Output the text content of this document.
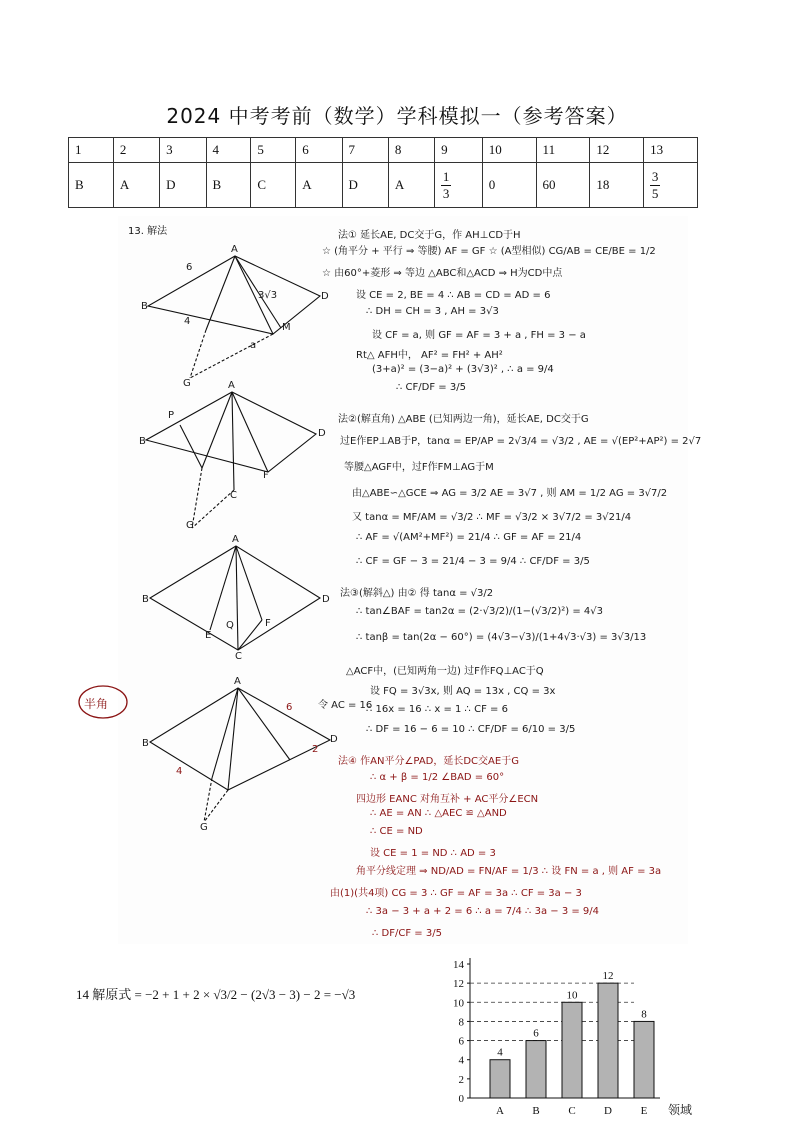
2024 中考考前（数学）学科模拟一（参考答案）
1	2	3	4	5	6	7	8	9	10	11	12	13
B	A	D	B	C	A	D	A	$\frac{1}{3}$	0	60	18	$\frac{3}{5}$
13. 解法
A
B
D
6
4
3√3
M
a
G	A
B
D
P
C
F
G
A
B	D
C
E
F
Q
半角
A
B	D
6
4
2
G
法① 延长AE, DC交于G，作 AH⊥CD于H
☆ (角平分 + 平行 ⇒ 等腰) AF = GF ☆ (A型相似) CG/AB = CE/BE = 1/2
☆ 由60°+菱形 ⇒ 等边 △ABC和△ACD ⇒ H为CD中点
设 CE = 2, BE = 4 ∴ AB = CD = AD = 6
∴ DH = CH = 3 , AH = 3√3
设 CF = a, 则 GF = AF = 3 + a , FH = 3 − a
Rt△ AFH中， AF² = FH² + AH²
(3+a)² = (3−a)² + (3√3)² , ∴ a = 9/4
∴ CF/DF = 3/5
法②(解直角) △ABE (已知两边一角)，延长AE, DC交于G
过E作EP⊥AB于P，tanα = EP/AP = 2√3/4 = √3/2 , AE = √(EP²+AP²) = 2√7
等腰△AGF中，过F作FM⊥AG于M
由△ABE∽△GCE ⇒ AG = 3/2 AE = 3√7 , 则 AM = 1/2 AG = 3√7/2
又 tanα = MF/AM = √3/2 ∴ MF = √3/2 × 3√7/2 = 3√21/4
∴ AF = √(AM²+MF²) = 21/4 ∴ GF = AF = 21/4
∴ CF = GF − 3 = 21/4 − 3 = 9/4 ∴ CF/DF = 3/5
法③(解斜△) 由② 得 tanα = √3/2
∴ tan∠BAF = tan2α = (2·√3/2)/(1−(√3/2)²) = 4√3
∴ tanβ = tan(2α − 60°) = (4√3−√3)/(1+4√3·√3) = 3√3/13
△ACF中，(已知两角一边) 过F作FQ⊥AC于Q
设 FQ = 3√3x, 则 AQ = 13x , CQ = 3x
令 AC = 16
∴ 16x = 16 ∴ x = 1 ∴ CF = 6
∴ DF = 16 − 6 = 10 ∴ CF/DF = 6/10 = 3/5
法④ 作AN平分∠PAD，延长DC交AE于G
∴ α + β = 1/2 ∠BAD = 60°
四边形 EANC 对角互补 + AC平分∠ECN
∴ AE = AN ∴ △AEC ≌ △AND
∴ CE = ND
设 CE = 1 = ND ∴ AD = 3
角平分线定理 ⇒ ND/AD = FN/AF = 1/3 ∴ 设 FN = a , 则 AF = 3a
由(1)(共4项) CG = 3 ∴ GF = AF = 3a ∴ CF = 3a − 3
∴ 3a − 3 + a + 2 = 6 ∴ a = 7/4 ∴ 3a − 3 = 9/4
∴ DF/CF = 3/5
14 解原式 = −2 + 1 + 2 × √3/2 − (2√3 − 3) − 2 = −√3
0
2
4
6
8
10
12
14
4
A
6
B
10
C
12
D
8
E 领域
